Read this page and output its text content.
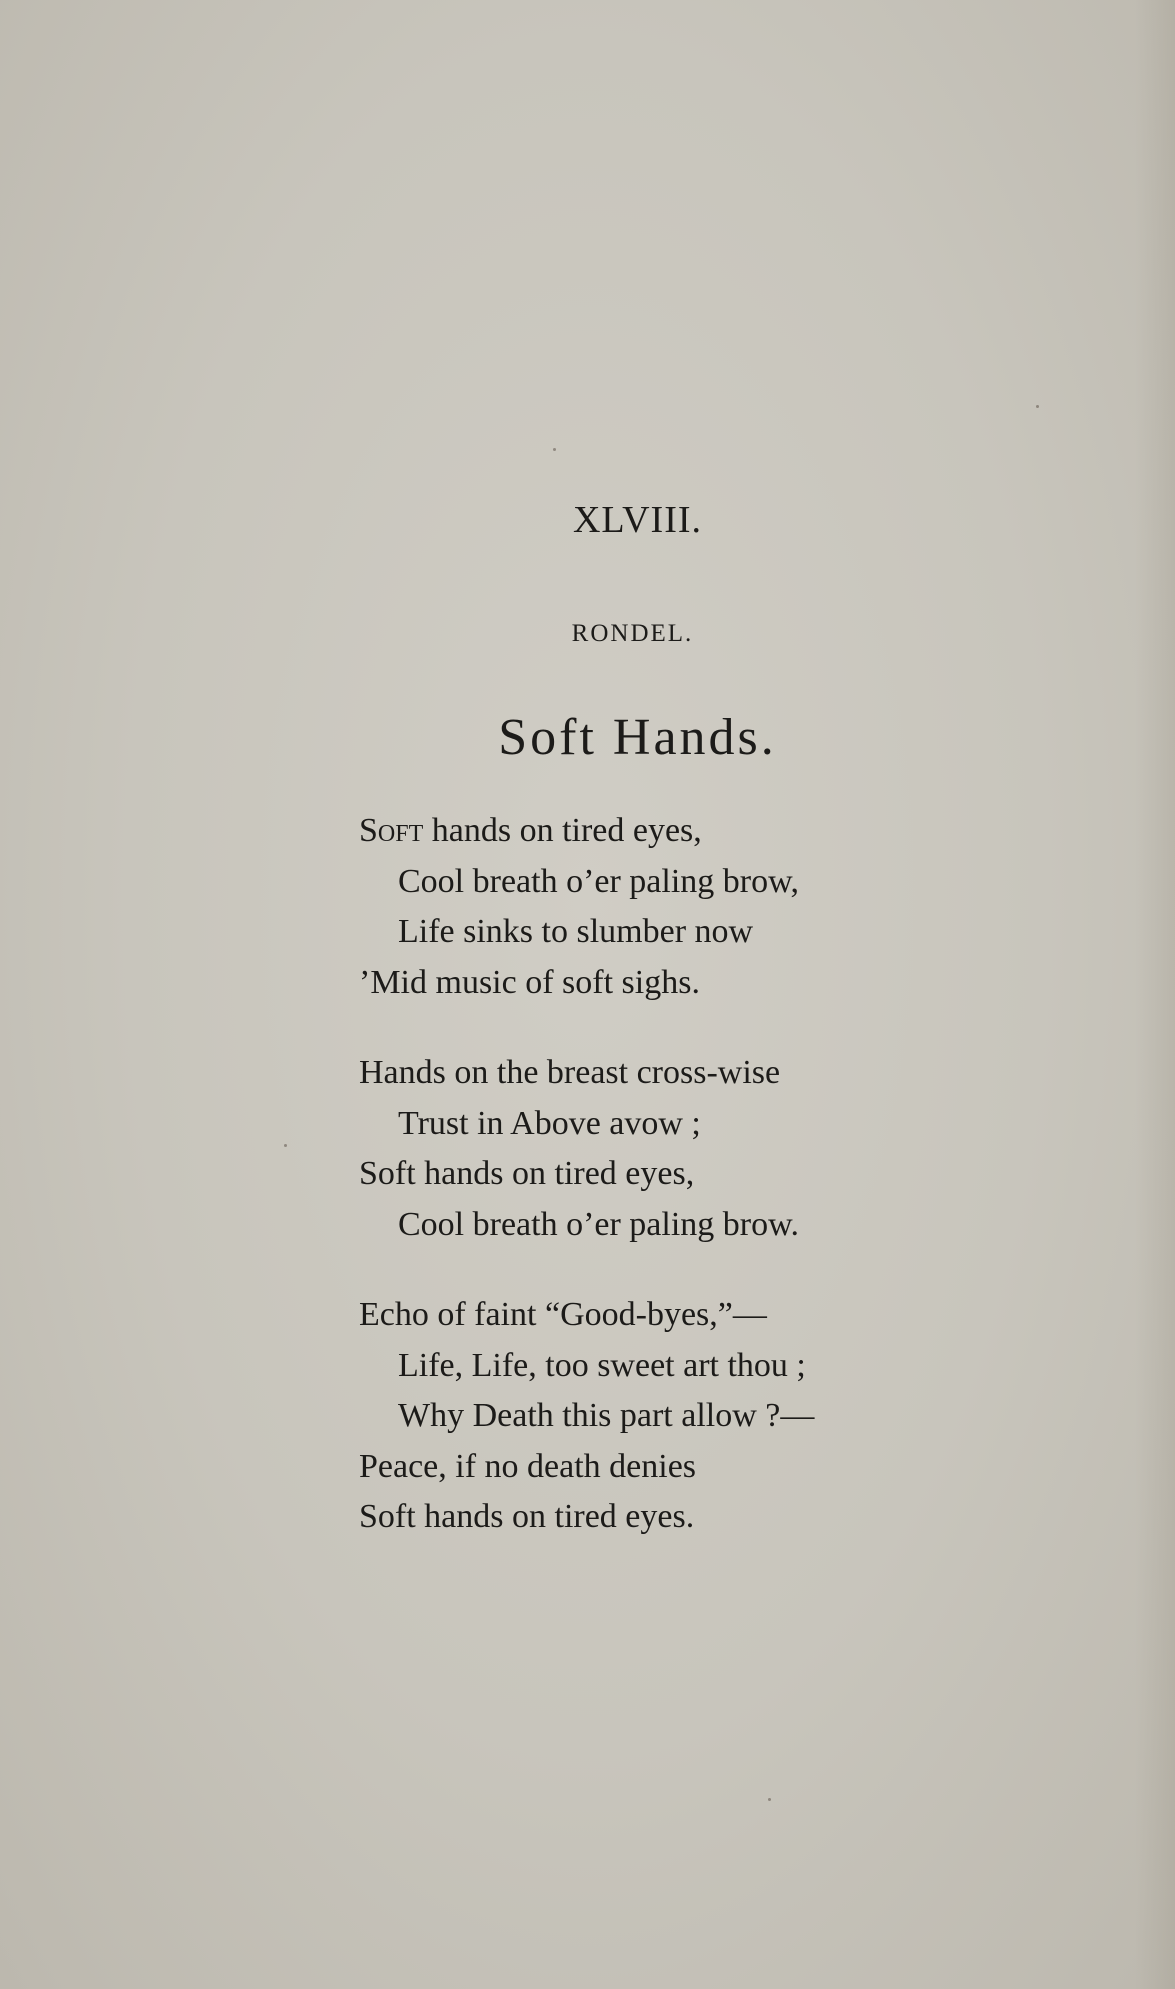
XLVIII.
RONDEL.
Soft Hands.
Soft hands on tired eyes,
Cool breath o’er paling brow,
Life sinks to slumber now
’Mid music of soft sighs.
Hands on the breast cross-wise
Trust in Above avow ;
Soft hands on tired eyes,
Cool breath o’er paling brow.
Echo of faint “Good-byes,”—
Life, Life, too sweet art thou ;
Why Death this part allow ?—
Peace, if no death denies
Soft hands on tired eyes.
